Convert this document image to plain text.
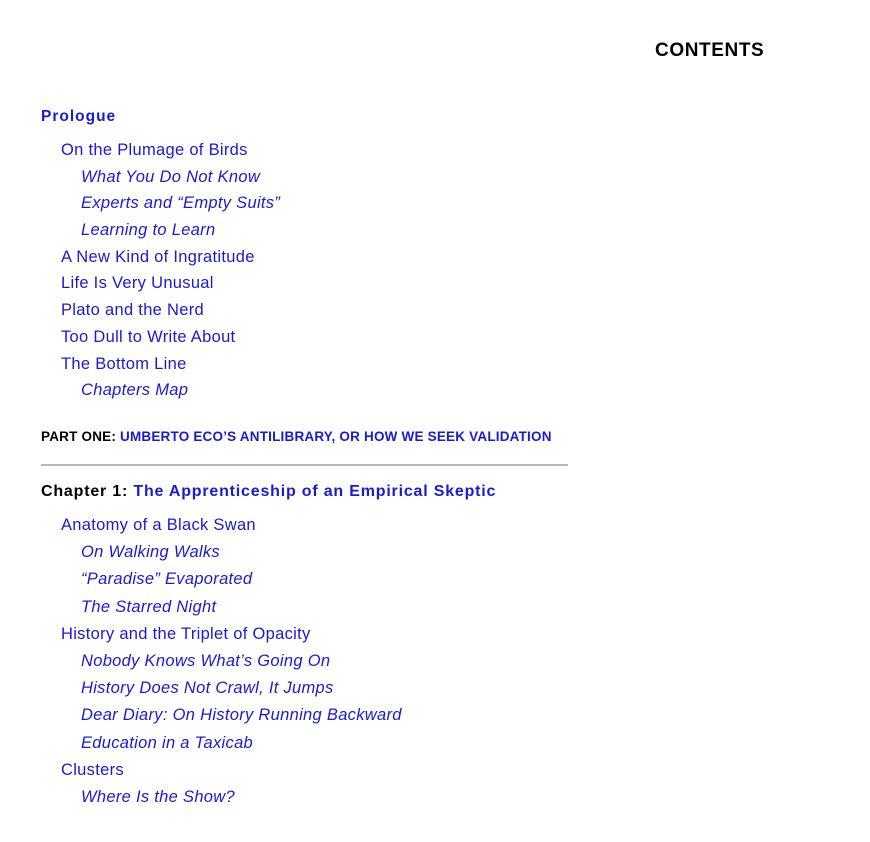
CONTENTS
Prologue
On the Plumage of Birds
What You Do Not Know
Experts and “Empty Suits”
Learning to Learn
A New Kind of Ingratitude
Life Is Very Unusual
Plato and the Nerd
Too Dull to Write About
The Bottom Line
Chapters Map
PART ONE: UMBERTO ECO’S ANTILIBRARY, OR HOW WE SEEK VALIDATION
Chapter 1: The Apprenticeship of an Empirical Skeptic
Anatomy of a Black Swan
On Walking Walks
“Paradise” Evaporated
The Starred Night
History and the Triplet of Opacity
Nobody Knows What’s Going On
History Does Not Crawl, It Jumps
Dear Diary: On History Running Backward
Education in a Taxicab
Clusters
Where Is the Show?
